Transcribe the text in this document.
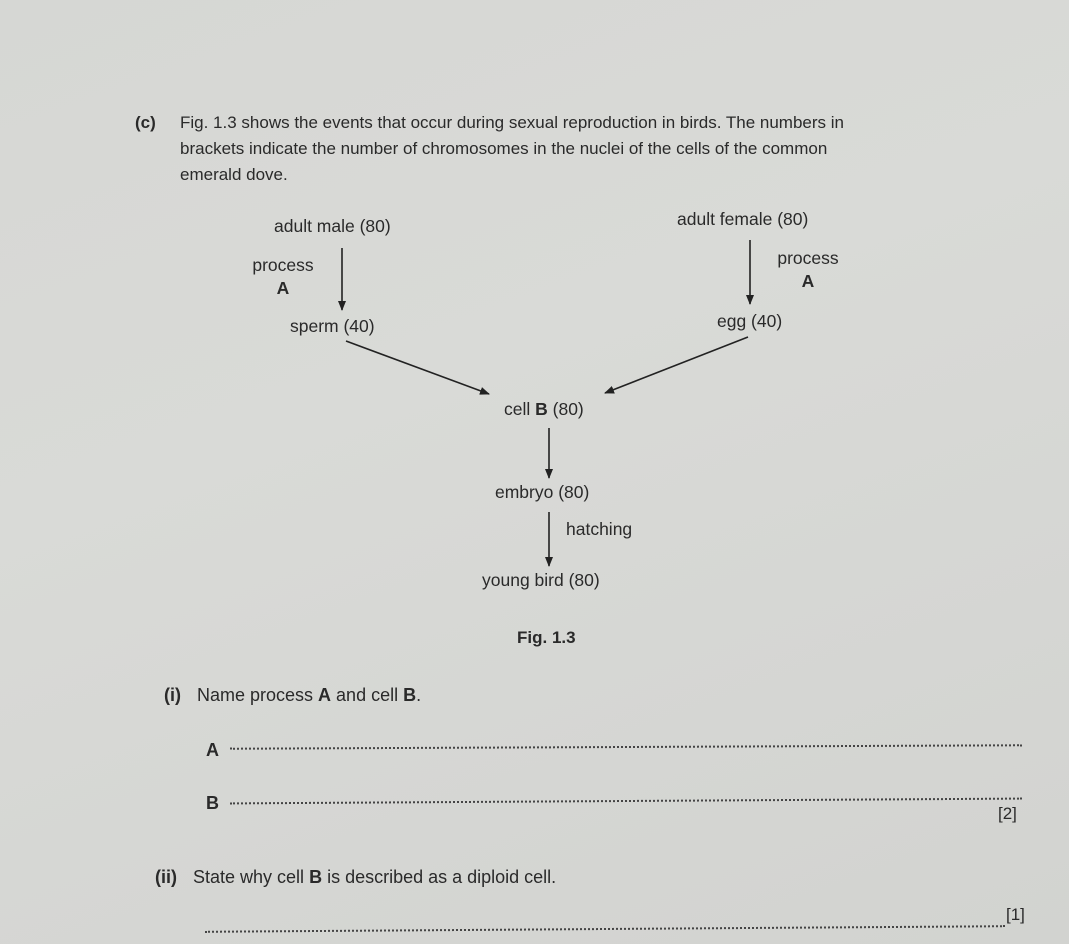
(c) Fig. 1.3 shows the events that occur during sexual reproduction in birds. The numbers in
brackets indicate the number of chromosomes in the nuclei of the cells of the common
emerald dove.
adult male (80)	adult female (80)
process
A
process
A
sperm (40)	egg (40)
cell B (80)
embryo (80)
hatching
young bird (80)
Fig. 1.3
(i) Name process A and cell B.
A
B
[2]
(ii) State why cell B is described as a diploid cell.
[1]
